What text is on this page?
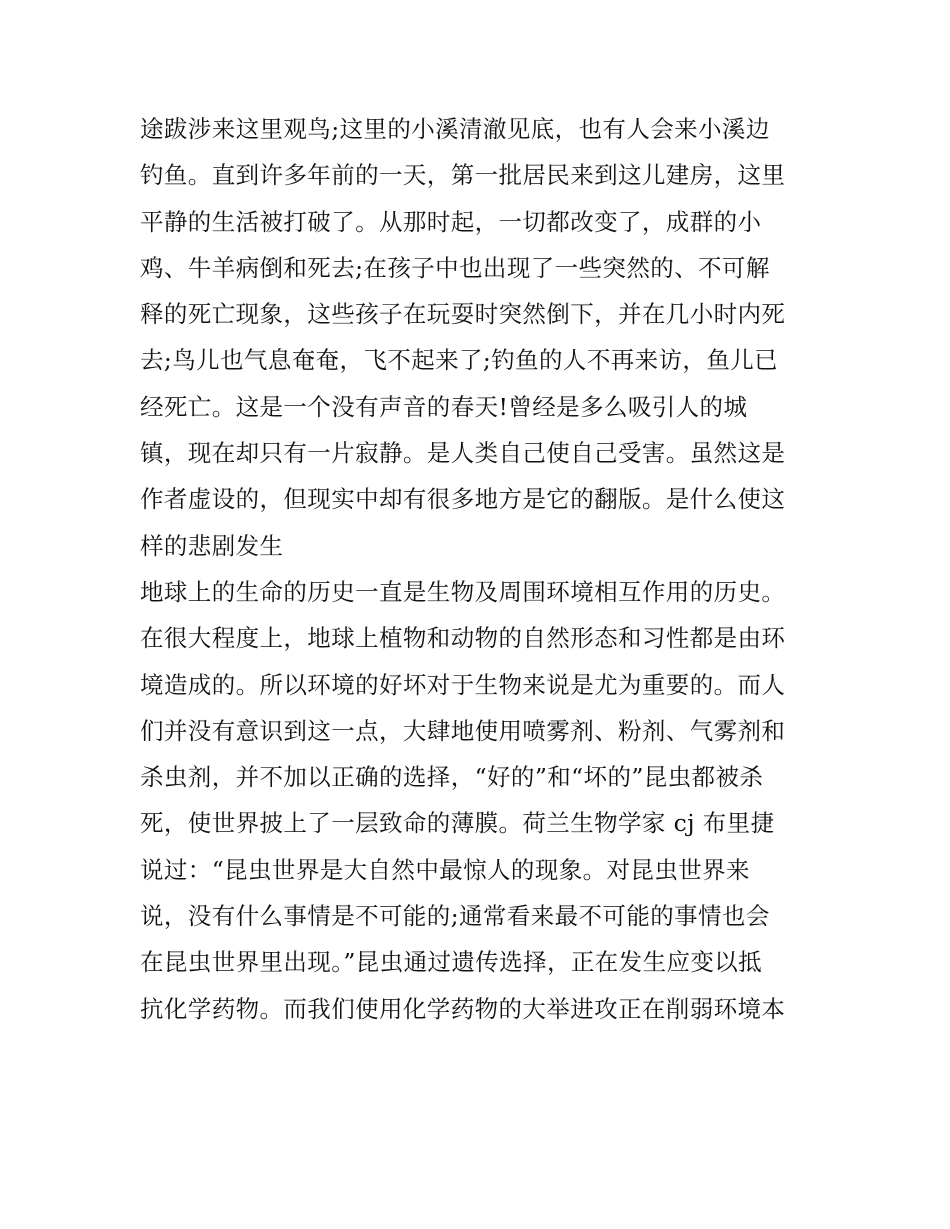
途跋涉来这里观鸟;这里的小溪清澈见底，也有人会来小溪边
钓鱼。直到许多年前的一天，第一批居民来到这儿建房，这里
平静的生活被打破了。从那时起，一切都改变了，成群的小
鸡、牛羊病倒和死去;在孩子中也出现了一些突然的、不可解
释的死亡现象，这些孩子在玩耍时突然倒下，并在几小时内死
去;鸟儿也气息奄奄，飞不起来了;钓鱼的人不再来访，鱼儿已
经死亡。这是一个没有声音的春天!曾经是多么吸引人的城
镇，现在却只有一片寂静。是人类自己使自己受害。虽然这是
作者虚设的，但现实中却有很多地方是它的翻版。是什么使这
样的悲剧发生
地球上的生命的历史一直是生物及周围环境相互作用的历史。
在很大程度上，地球上植物和动物的自然形态和习性都是由环
境造成的。所以环境的好坏对于生物来说是尤为重要的。而人
们并没有意识到这一点，大肆地使用喷雾剂、粉剂、气雾剂和
杀虫剂，并不加以正确的选择，“好的”和“坏的”昆虫都被杀
死，使世界披上了一层致命的薄膜。荷兰生物学家 cj 布里捷
说过：“昆虫世界是大自然中最惊人的现象。对昆虫世界来
说，没有什么事情是不可能的;通常看来最不可能的事情也会
在昆虫世界里出现。”昆虫通过遗传选择，正在发生应变以抵
抗化学药物。而我们使用化学药物的大举进攻正在削弱环境本
